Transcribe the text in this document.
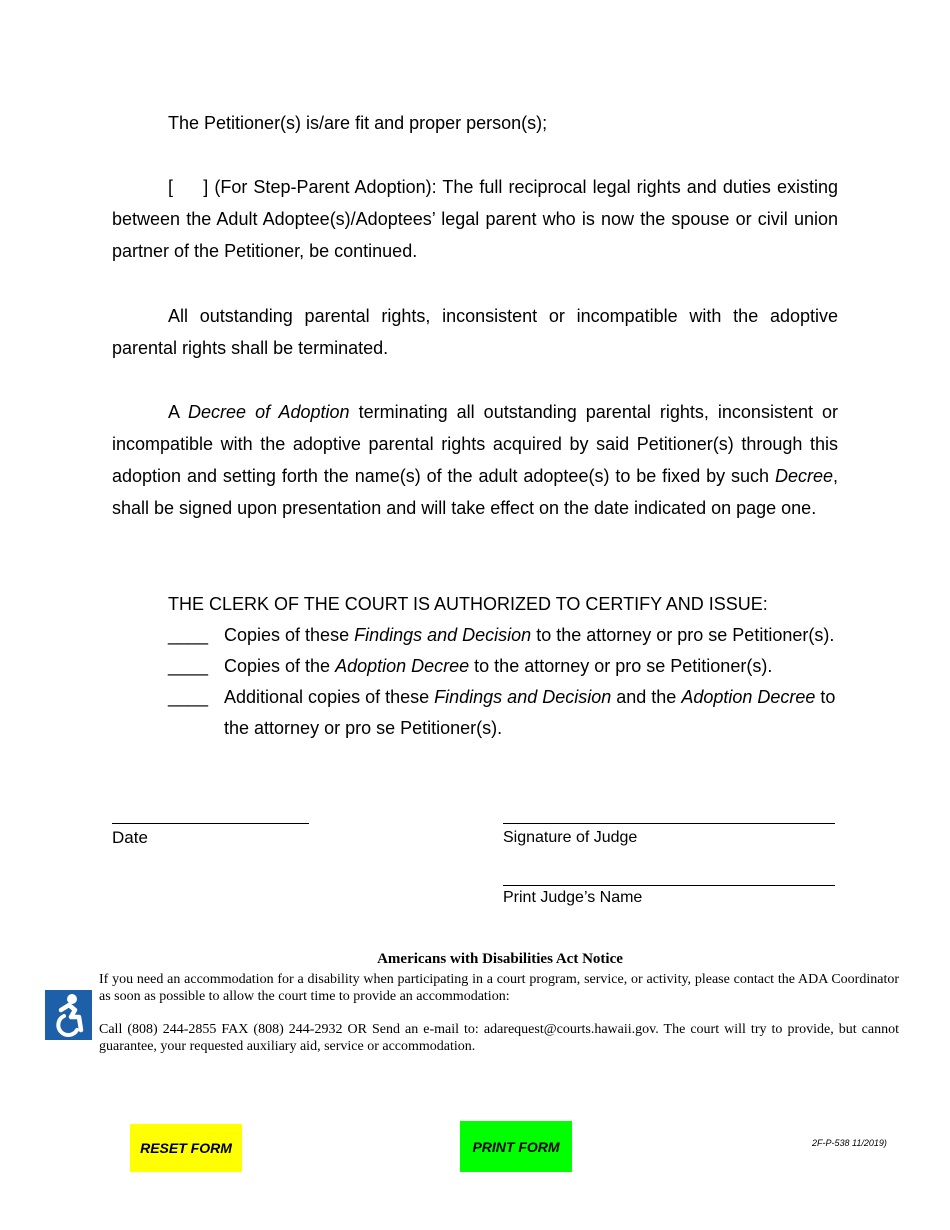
The Petitioner(s) is/are fit and proper person(s);
[     ] (For Step-Parent Adoption): The full reciprocal legal rights and duties existing between the Adult Adoptee(s)/Adoptees’ legal parent who is now the spouse or civil union partner of the Petitioner, be continued.
All outstanding parental rights, inconsistent or incompatible with the adoptive parental rights shall be terminated.
A Decree of Adoption terminating all outstanding parental rights, inconsistent or incompatible with the adoptive parental rights acquired by said Petitioner(s) through this adoption and setting forth the name(s) of the adult adoptee(s) to be fixed by such Decree, shall be signed upon presentation and will take effect on the date indicated on page one.
THE CLERK OF THE COURT IS AUTHORIZED TO CERTIFY AND ISSUE:
____ Copies of these Findings and Decision to the attorney or pro se Petitioner(s).
____ Copies of the Adoption Decree to the attorney or pro se Petitioner(s).
____ Additional copies of these Findings and Decision and the Adoption Decree to
the attorney or pro se Petitioner(s).
Date	Signature of Judge
Print Judge’s Name
Americans with Disabilities Act Notice
If you need an accommodation for a disability when participating in a court program, service, or activity, please contact the ADA Coordinator as soon as possible to allow the court time to provide an accommodation:
Call (808) 244-2855 FAX (808) 244-2932 OR Send an e-mail to: adarequest@courts.hawaii.gov. The court will try to provide, but cannot guarantee, your requested auxiliary aid, service or accommodation.
RESET FORM	PRINT FORM	2F-P-538 11/2019)
